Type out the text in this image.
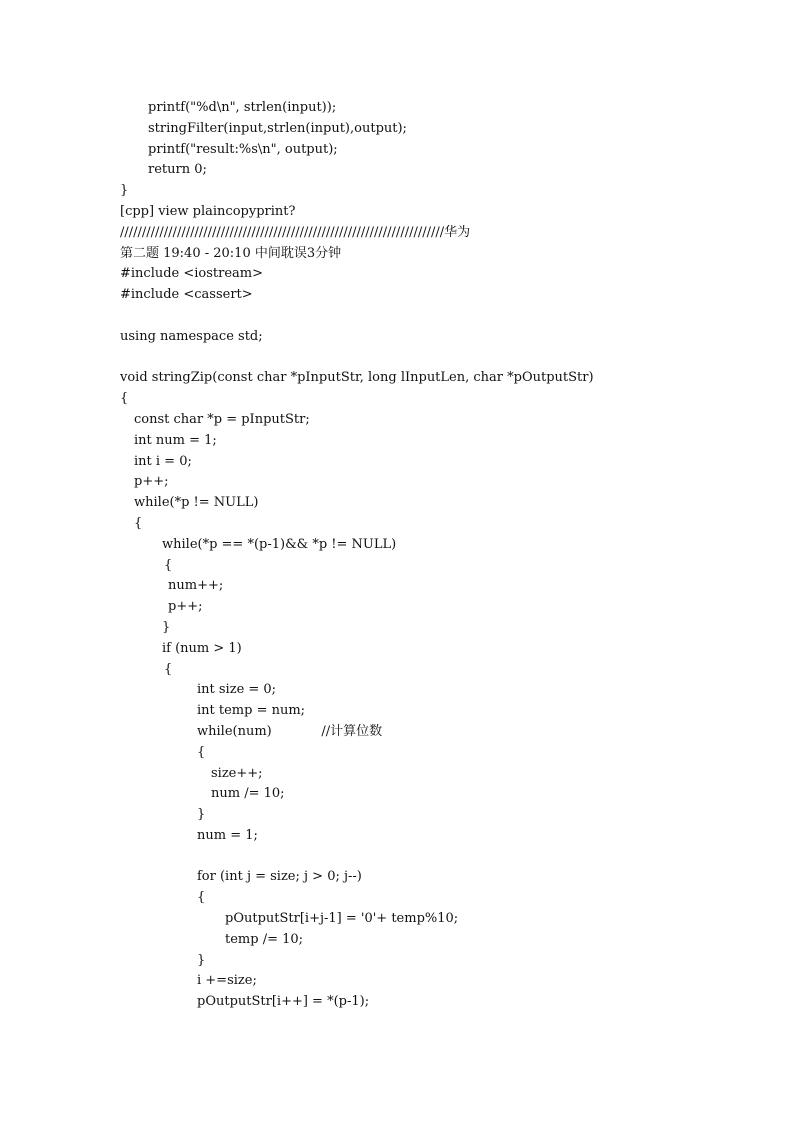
printf("%d\n", strlen(input));
stringFilter(input,strlen(input),output);
printf("result:%s\n", output);
return 0;
}
[cpp] view plaincopyprint?
//////////////////////////////////////////////////////////////////////////华为
第二题 19:40 - 20:10 中间耽误3分钟
#include <iostream>
#include <cassert>
using namespace std;
void stringZip(const char *pInputStr, long lInputLen, char *pOutputStr)
{
const char *p = pInputStr;
int num = 1;
int i = 0;
p++;
while(*p != NULL)
{
while(*p == *(p-1)&& *p != NULL)
{
num++;
p++;
}
if (num > 1)
{
int size = 0;
int temp = num;
while(num)            //计算位数
{
size++;
num /= 10;
}
num = 1;
for (int j = size; j > 0; j--)
{
pOutputStr[i+j-1] = '0'+ temp%10;
temp /= 10;
}
i +=size;
pOutputStr[i++] = *(p-1);
